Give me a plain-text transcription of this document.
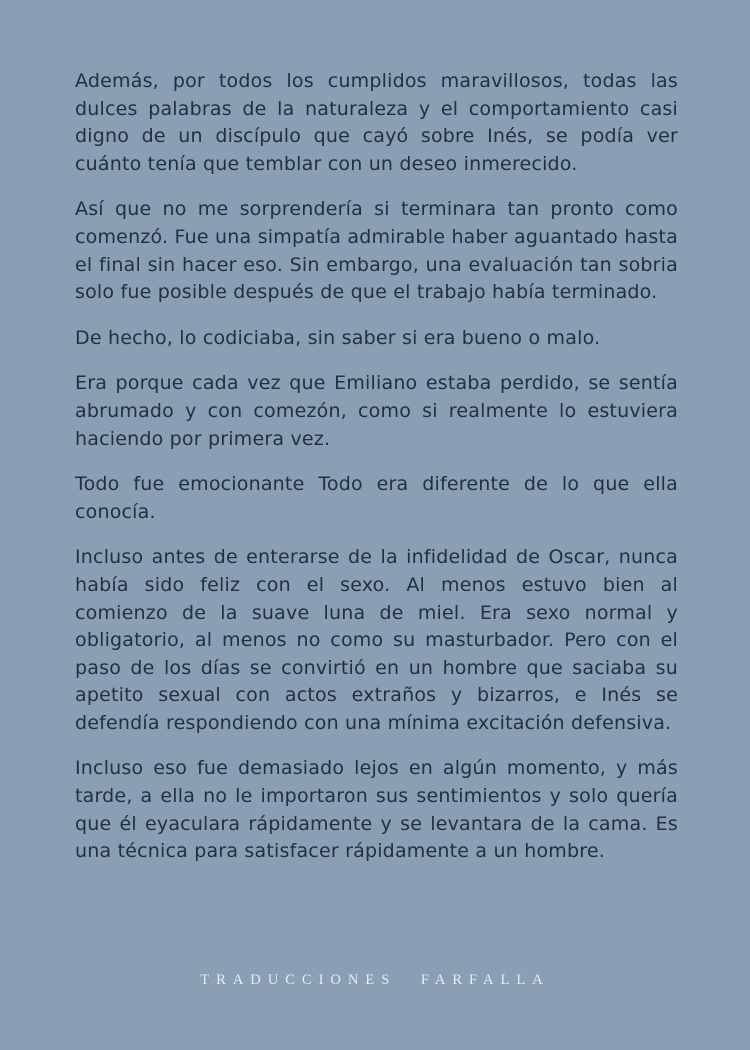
Además, por todos los cumplidos maravillosos, todas las dulces palabras de la naturaleza y el comportamiento casi digno de un discípulo que cayó sobre Inés, se podía ver cuánto tenía que temblar con un deseo inmerecido.

Así que no me sorprendería si terminara tan pronto como comenzó. Fue una simpatía admirable haber aguantado hasta el final sin hacer eso. Sin embargo, una evaluación tan sobria solo fue posible después de que el trabajo había terminado.

De hecho, lo codiciaba, sin saber si era bueno o malo.

Era porque cada vez que Emiliano estaba perdido, se sentía abrumado y con comezón, como si realmente lo estuviera haciendo por primera vez.

Todo fue emocionante Todo era diferente de lo que ella conocía.

Incluso antes de enterarse de la infidelidad de Oscar, nunca había sido feliz con el sexo. Al menos estuvo bien al comienzo de la suave luna de miel. Era sexo normal y obligatorio, al menos no como su masturbador. Pero con el paso de los días se convirtió en un hombre que saciaba su apetito sexual con actos extraños y bizarros, e Inés se defendía respondiendo con una mínima excitación defensiva.

Incluso eso fue demasiado lejos en algún momento, y más tarde, a ella no le importaron sus sentimientos y solo quería que él eyaculara rápidamente y se levantara de la cama. Es una técnica para satisfacer rápidamente a un hombre.

TRADUCCIONES FARFALLA
